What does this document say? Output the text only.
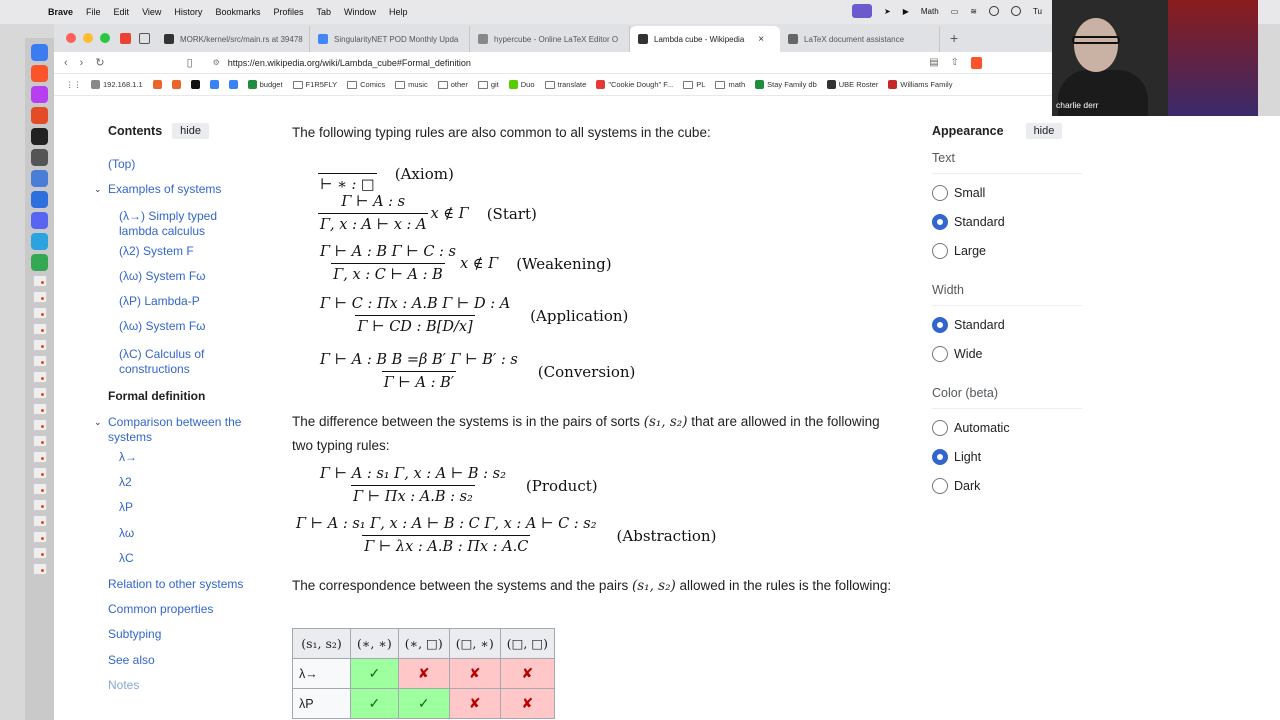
Brave File Edit View History Bookmarks Profiles Tab Window Help	➤ ▶ Math ▭ ≋	Tu
MORK/kernel/src/main.rs at 39478	SingularityNET POD Monthly Upda	hypercube - Online LaTeX Editor O	Lambda cube - Wikipedia ×	LaTeX document assistance	+
‹ › ↻	▯	⚙ https://en.wikipedia.org/wiki/Lambda_cube#Formal_definition	▤ ⇧
⋮⋮	192.168.1.1	budget	F1R5FLY	Comics	music	other	git	Duo	translate	"Cookie Dough" F...	PL	math	Stay Family db	UBE Roster	Williams Family
Contents	hide
(Top)
⌄ Examples of systems
(λ→) Simply typed lambda calculus
(λ2) System F
(λω) System Fω
(λP) Lambda-P
(λω) System Fω
(λC) Calculus of constructions
Formal definition
⌄ Comparison between the systems
λ→
λ2
λP
λω
λC
Relation to other systems
Common properties
Subtyping
See also
Notes

The following typing rules are also common to all systems in the cube:

⊢ ∗ : □
(Axiom)
$\frac{\Gamma ⊢ A : s}{\Gamma, x : A ⊢ x : A}$ x ∉ Γ (Start)
$\frac{\text{Γ ⊢ A : B Γ ⊢ C : s}}{\Gamma, x : C ⊢ A : B}$ x ∉ Γ (Weakening)
$\frac{\text{Γ ⊢ C : Πx : A.B Γ ⊢ D : A}}{\Gamma ⊢ CD : B[D/x]}$ (Application)
$\frac{\text{Γ ⊢ A : B B =β B′ Γ ⊢ B′ : s}}{\Gamma ⊢ A : B'}$ (Conversion)

The difference between the systems is in the pairs of sorts (s₁, s₂) that are allowed in the following two typing rules:

$\frac{\text{Γ ⊢ A : s₁ Γ, x : A ⊢ B : s₂}}{\text{Γ ⊢ Πx : A.B : s₂}}$ (Product)
$\frac{\text{Γ ⊢ A : s₁ Γ, x : A ⊢ B : C Γ, x : A ⊢ C : s₂}}{\Gamma ⊢ \lambda x : A.B : \Pi x : A.C}$ (Abstraction)

The correspondence between the systems and the pairs (s₁, s₂) allowed in the rules is the following:

(s₁, s₂)	(∗, ∗)	(∗, □)	(□, ∗)	(□, □)
λ→	✓	✘	✘	✘
λP	✓	✓	✘	✘
Appearance	hide
Text
Small
Standard
Large
Width
Standard
Wide
Color (beta)
Automatic
Light
Dark
charlie derr
